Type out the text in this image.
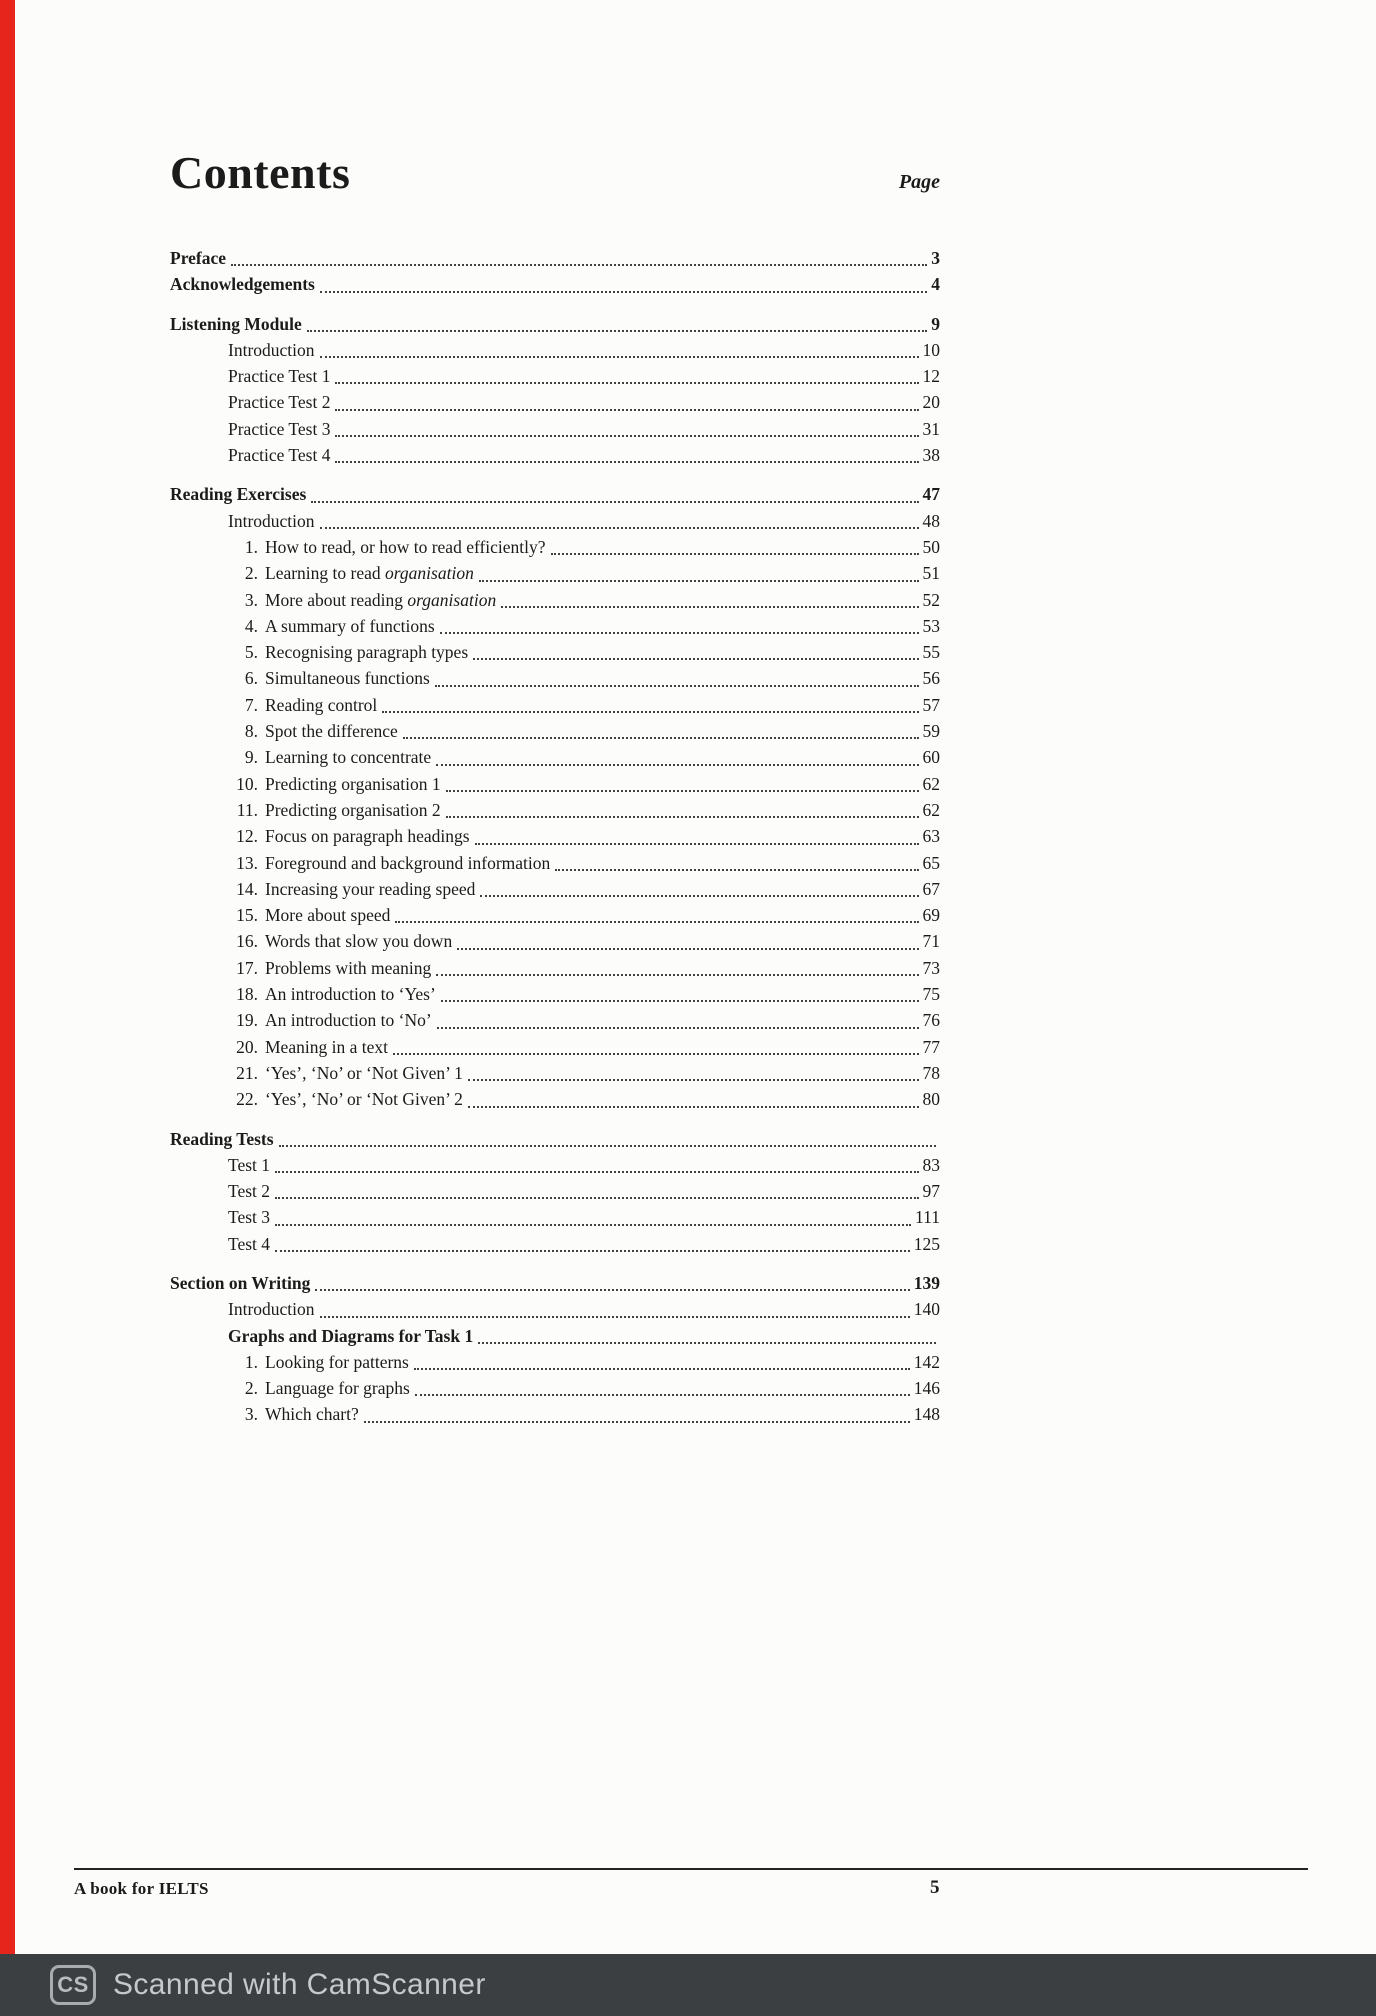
Contents	Page
Preface	3
Acknowledgements	4
Listening Module	9
Introduction	10
Practice Test 1	12
Practice Test 2	20
Practice Test 3	31
Practice Test 4	38
Reading Exercises	47
Introduction	48
1. How to read, or how to read efficiently?	50
2. Learning to read organisation	51
3. More about reading organisation	52
4. A summary of functions	53
5. Recognising paragraph types	55
6. Simultaneous functions	56
7. Reading control	57
8. Spot the difference	59
9. Learning to concentrate	60
10. Predicting organisation 1	62
11. Predicting organisation 2	62
12. Focus on paragraph headings	63
13. Foreground and background information	65
14. Increasing your reading speed	67
15. More about speed	69
16. Words that slow you down	71
17. Problems with meaning	73
18. An introduction to ‘Yes’	75
19. An introduction to ‘No’	76
20. Meaning in a text	77
21. ‘Yes’, ‘No’ or ‘Not Given’ 1	78
22. ‘Yes’, ‘No’ or ‘Not Given’ 2	80
Reading Tests
Test 1	83
Test 2	97
Test 3	111
Test 4	125
Section on Writing	139
Introduction	140
Graphs and Diagrams for Task 1
1. Looking for patterns	142
2. Language for graphs	146
3. Which chart?	148
A book for IELTS	5
CS Scanned with CamScanner
